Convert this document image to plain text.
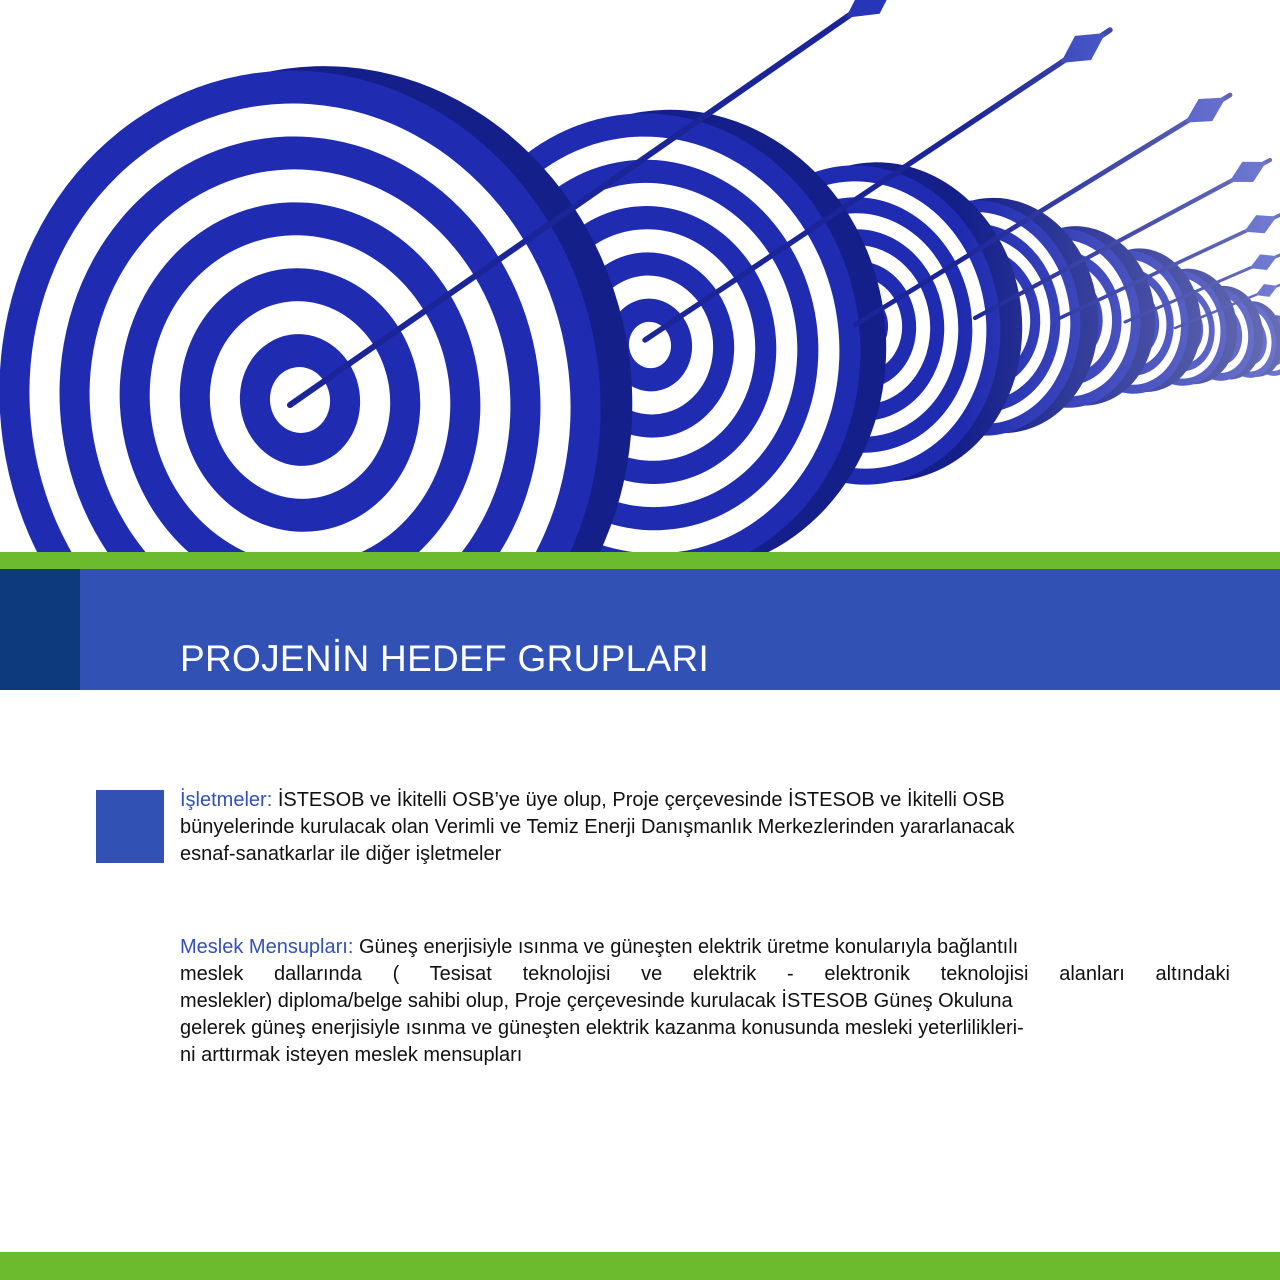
PROJENİN HEDEF GRUPLARI
İşletmeler: İSTESOB ve İkitelli OSB’ye üye olup, Proje çerçevesinde İSTESOB ve İkitelli OSB
bünyelerinde kurulacak olan Verimli ve Temiz Enerji Danışmanlık Merkezlerinden yararlanacak
esnaf-sanatkarlar ile diğer işletmeler
Meslek Mensupları: Güneş enerjisiyle ısınma ve güneşten elektrik üretme konularıyla bağlantılı
meslek dallarında ( Tesisat teknolojisi ve elektrik - elektronik teknolojisi alanları altındaki
meslekler) diploma/belge sahibi olup, Proje çerçevesinde kurulacak İSTESOB Güneş Okuluna
gelerek güneş enerjisiyle ısınma ve güneşten elektrik kazanma konusunda mesleki yeterlilikleri-
ni arttırmak isteyen meslek mensupları
